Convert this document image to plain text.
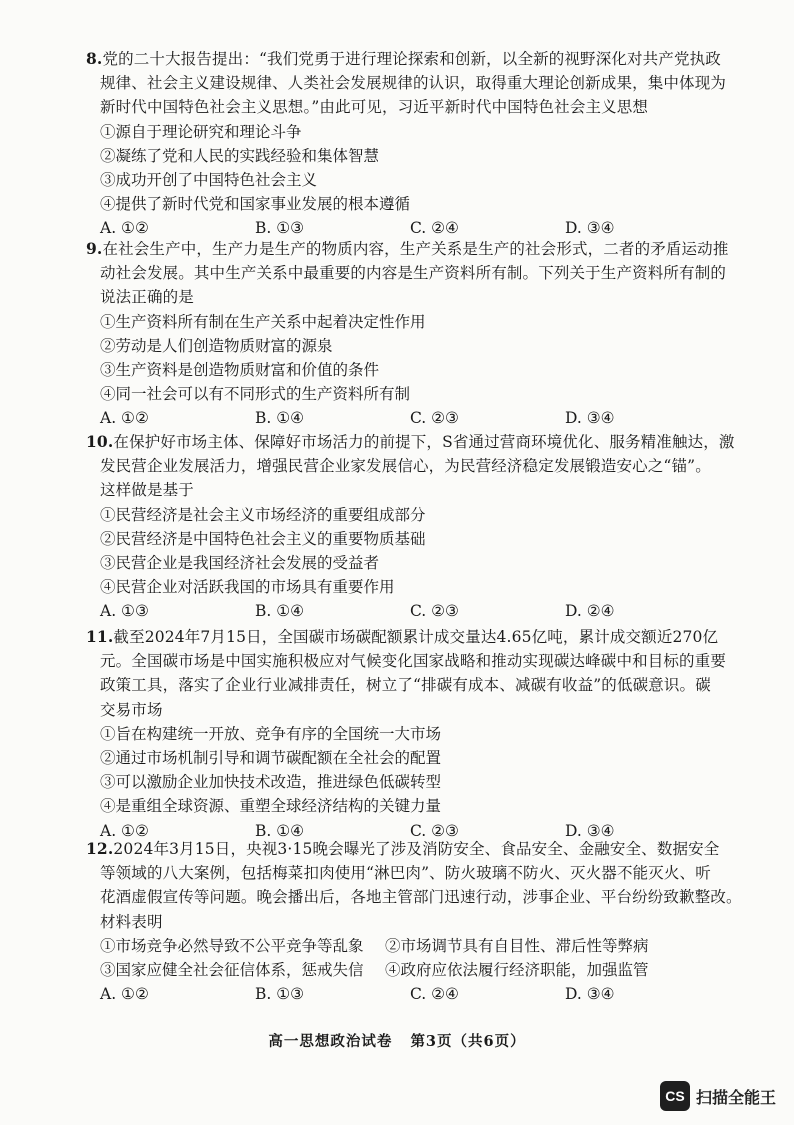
8.党的二十大报告提出：“我们党勇于进行理论探索和创新，以全新的视野深化对共产党执政
规律、社会主义建设规律、人类社会发展规律的认识，取得重大理论创新成果，集中体现为
新时代中国特色社会主义思想。”由此可见，习近平新时代中国特色社会主义思想
①源自于理论研究和理论斗争
②凝练了党和人民的实践经验和集体智慧
③成功开创了中国特色社会主义
④提供了新时代党和国家事业发展的根本遵循
A. ①②	B. ①③	C. ②④	D. ③④
9.在社会生产中，生产力是生产的物质内容，生产关系是生产的社会形式，二者的矛盾运动推
动社会发展。其中生产关系中最重要的内容是生产资料所有制。下列关于生产资料所有制的
说法正确的是
①生产资料所有制在生产关系中起着决定性作用
②劳动是人们创造物质财富的源泉
③生产资料是创造物质财富和价值的条件
④同一社会可以有不同形式的生产资料所有制
A. ①②	B. ①④	C. ②③	D. ③④
10.在保护好市场主体、保障好市场活力的前提下，S省通过营商环境优化、服务精准触达，激
发民营企业发展活力，增强民营企业家发展信心，为民营经济稳定发展锻造安心之“锚”。
这样做是基于
①民营经济是社会主义市场经济的重要组成部分
②民营经济是中国特色社会主义的重要物质基础
③民营企业是我国经济社会发展的受益者
④民营企业对活跃我国的市场具有重要作用
A. ①③	B. ①④	C. ②③	D. ②④
11.截至2024年7月15日，全国碳市场碳配额累计成交量达4.65亿吨，累计成交额近270亿
元。全国碳市场是中国实施积极应对气候变化国家战略和推动实现碳达峰碳中和目标的重要
政策工具，落实了企业行业减排责任，树立了“排碳有成本、减碳有收益”的低碳意识。碳
交易市场
①旨在构建统一开放、竞争有序的全国统一大市场
②通过市场机制引导和调节碳配额在全社会的配置
③可以激励企业加快技术改造，推进绿色低碳转型
④是重组全球资源、重塑全球经济结构的关键力量
A. ①②	B. ①④	C. ②③	D. ③④
12.2024年3月15日，央视3·15晚会曝光了涉及消防安全、食品安全、金融安全、数据安全
等领域的八大案例，包括梅菜扣肉使用“淋巴肉”、防火玻璃不防火、灭火器不能灭火、听
花酒虚假宣传等问题。晚会播出后，各地主管部门迅速行动，涉事企业、平台纷纷致歉整改。
材料表明
①市场竞争必然导致不公平竞争等乱象	②市场调节具有自目性、滞后性等弊病
③国家应健全社会征信体系，惩戒失信	④政府应依法履行经济职能，加强监管
A. ①②	B. ①③	C. ②④	D. ③④
高一思想政治试卷 第3页（共6页）
CS 扫描全能王
